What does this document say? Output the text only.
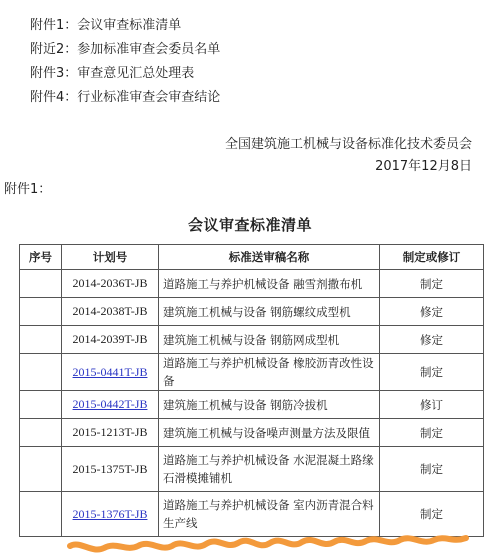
附件1：会议审查标准清单
附近2：参加标准审查会委员名单
附件3：审查意见汇总处理表
附件4：行业标准审查会审查结论
全国建筑施工机械与设备标准化技术委员会
2017年12月8日
附件1：
会议审查标准清单
序号	计划号	标准送审稿名称	制定或修订
	2014-2036T-JB	道路施工与养护机械设备 融雪剂撒布机	制定
	2014-2038T-JB	建筑施工机械与设备 钢筋螺纹成型机	修定
	2014-2039T-JB	建筑施工机械与设备 钢筋网成型机	修定
	2015-0441T-JB	道路施工与养护机械设备 橡胶沥青改性设备	制定
	2015-0442T-JB	建筑施工机械与设备 钢筋冷拔机	修订
	2015-1213T-JB	建筑施工机械与设备噪声测量方法及限值	制定
	2015-1375T-JB	道路施工与养护机械设备 水泥混凝土路缘石滑模摊铺机	制定
	2015-1376T-JB	道路施工与养护机械设备 室内沥青混合料生产线	制定
